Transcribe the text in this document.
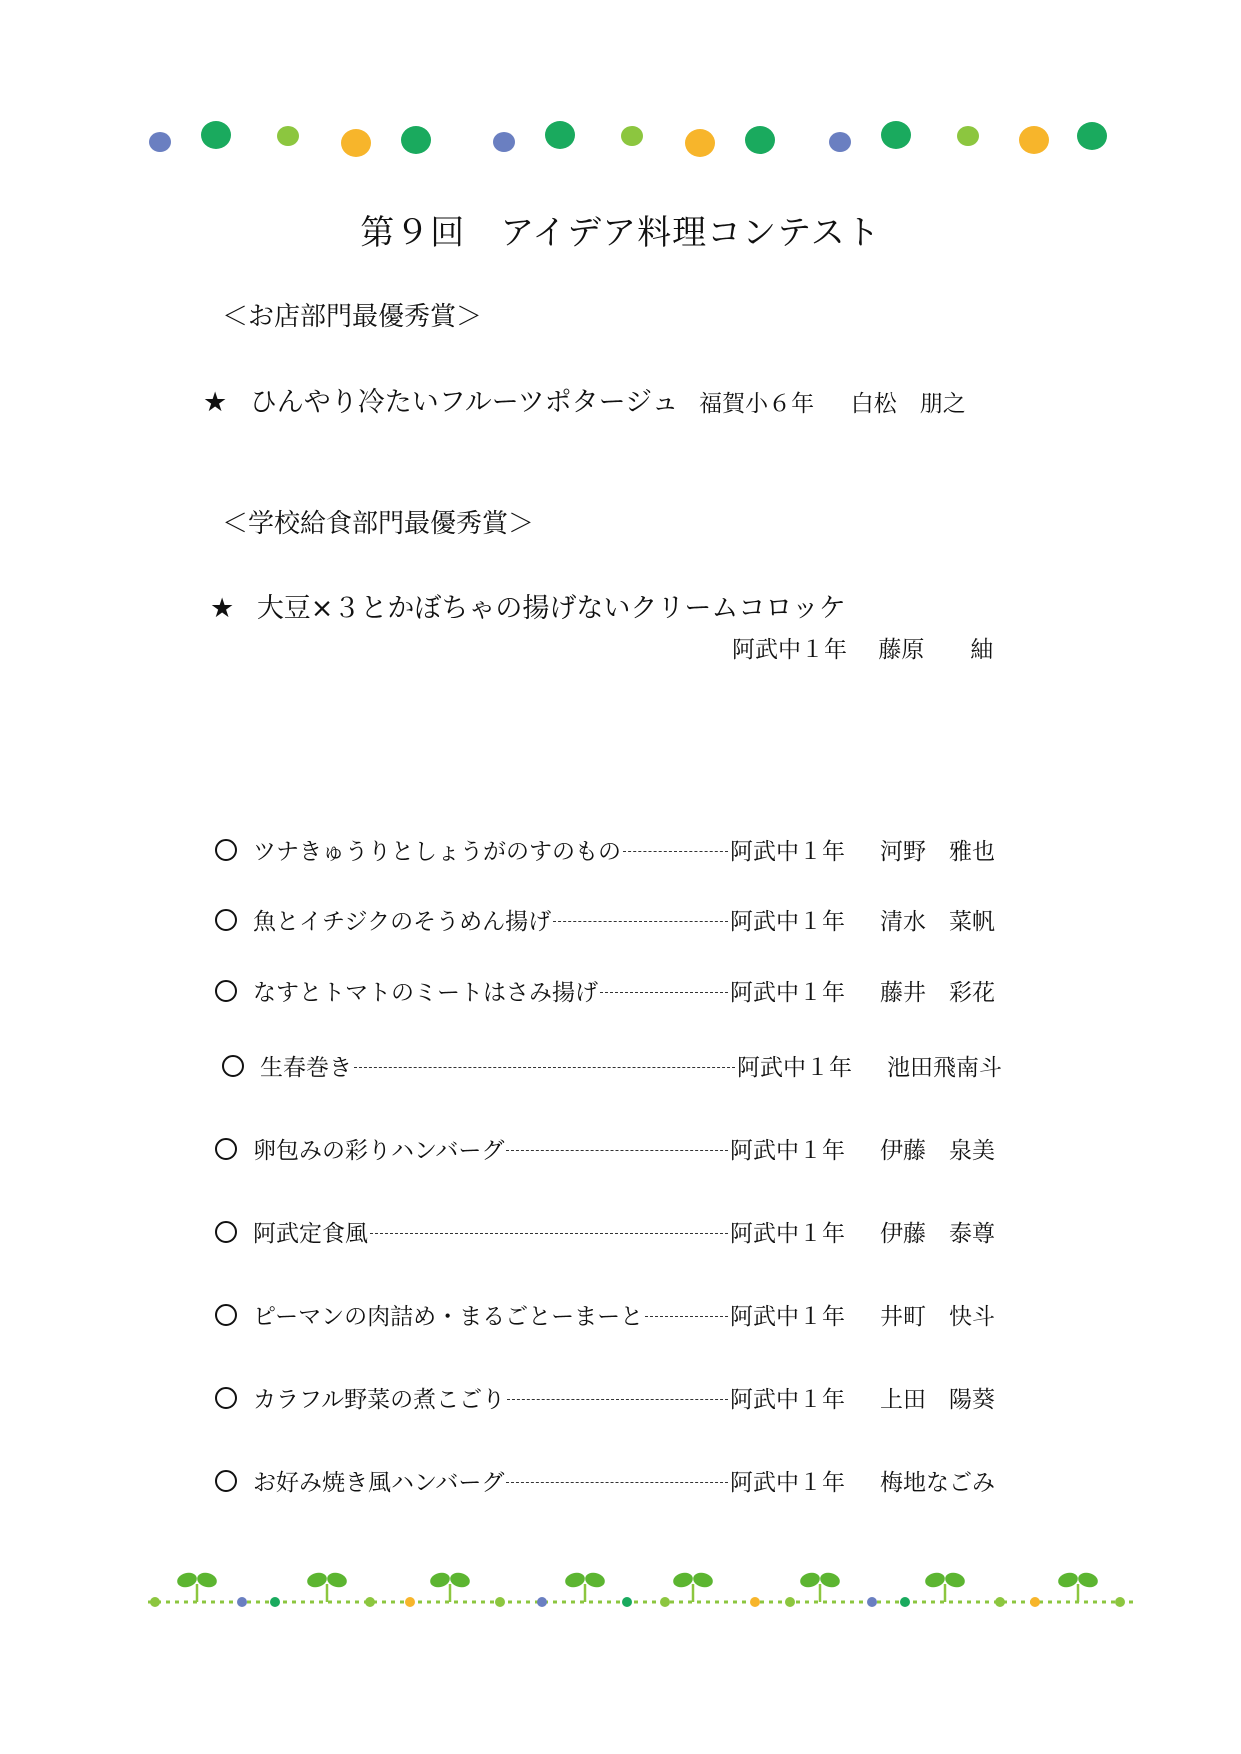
第９回　アイデア料理コンテスト
＜お店部門最優秀賞＞
★ ひんやり冷たいフルーツポタージュ 福賀小６年 白松　朋之
＜学校給食部門最優秀賞＞
★ 大豆×３とかぼちゃの揚げないクリームコロッケ
阿武中１年 藤原　　紬
ツナきゅうりとしょうがのすのもの	阿武中１年	河野　雅也
魚とイチジクのそうめん揚げ	阿武中１年	清水　菜帆
なすとトマトのミートはさみ揚げ	阿武中１年	藤井　彩花
生春巻き	阿武中１年	池田飛南斗
卵包みの彩りハンバーグ	阿武中１年	伊藤　泉美
阿武定食風	阿武中１年	伊藤　泰尊
ピーマンの肉詰め・まるごとーまーと	阿武中１年	井町　快斗
カラフル野菜の煮こごり	阿武中１年	上田　陽葵
お好み焼き風ハンバーグ	阿武中１年	梅地なごみ
